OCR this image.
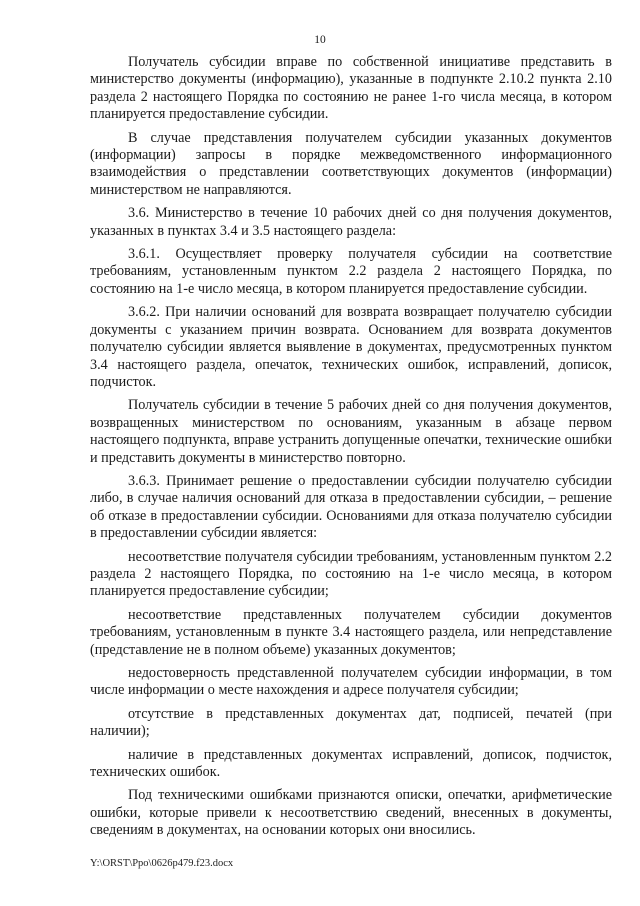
10

Получатель субсидии вправе по собственной инициативе представить в министерство документы (информацию), указанные в подпункте 2.10.2 пункта 2.10 раздела 2 настоящего Порядка по состоянию не ранее 1-го числа месяца, в котором планируется предоставление субсидии.

В случае представления получателем субсидии указанных документов (информации) запросы в порядке межведомственного информационного взаимодействия о представлении соответствующих документов (информации) министерством не направляются.

3.6. Министерство в течение 10 рабочих дней со дня получения документов, указанных в пунктах 3.4 и 3.5 настоящего раздела:

3.6.1. Осуществляет проверку получателя субсидии на соответствие требованиям, установленным пунктом 2.2 раздела 2 настоящего Порядка, по состоянию на 1-е число месяца, в котором планируется предоставление субсидии.

3.6.2. При наличии оснований для возврата возвращает получателю субсидии документы с указанием причин возврата. Основанием для возврата документов получателю субсидии является выявление в документах, предусмотренных пунктом 3.4 настоящего раздела, опечаток, технических ошибок, исправлений, дописок, подчисток.

Получатель субсидии в течение 5 рабочих дней со дня получения документов, возвращенных министерством по основаниям, указанным в абзаце первом настоящего подпункта, вправе устранить допущенные опечатки, технические ошибки и представить документы в министерство повторно.

3.6.3. Принимает решение о предоставлении субсидии получателю субсидии либо, в случае наличия оснований для отказа в предоставлении субсидии, – решение об отказе в предоставлении субсидии. Основаниями для отказа получателю субсидии в предоставлении субсидии является:

несоответствие получателя субсидии требованиям, установленным пунктом 2.2 раздела 2 настоящего Порядка, по состоянию на 1-е число месяца, в котором планируется предоставление субсидии;

несоответствие представленных получателем субсидии документов требованиям, установленным в пункте 3.4 настоящего раздела, или непредставление (представление не в полном объеме) указанных документов;

недостоверность представленной получателем субсидии информации, в том числе информации о месте нахождения и адресе получателя субсидии;

отсутствие в представленных документах дат, подписей, печатей (при наличии);

наличие в представленных документах исправлений, дописок, подчисток, технических ошибок.

Под техническими ошибками признаются описки, опечатки, арифметические ошибки, которые привели к несоответствию сведений, внесенных в документы, сведениям в документах, на основании которых они вносились.

Y:\ORST\Ppo\0626p479.f23.docx
